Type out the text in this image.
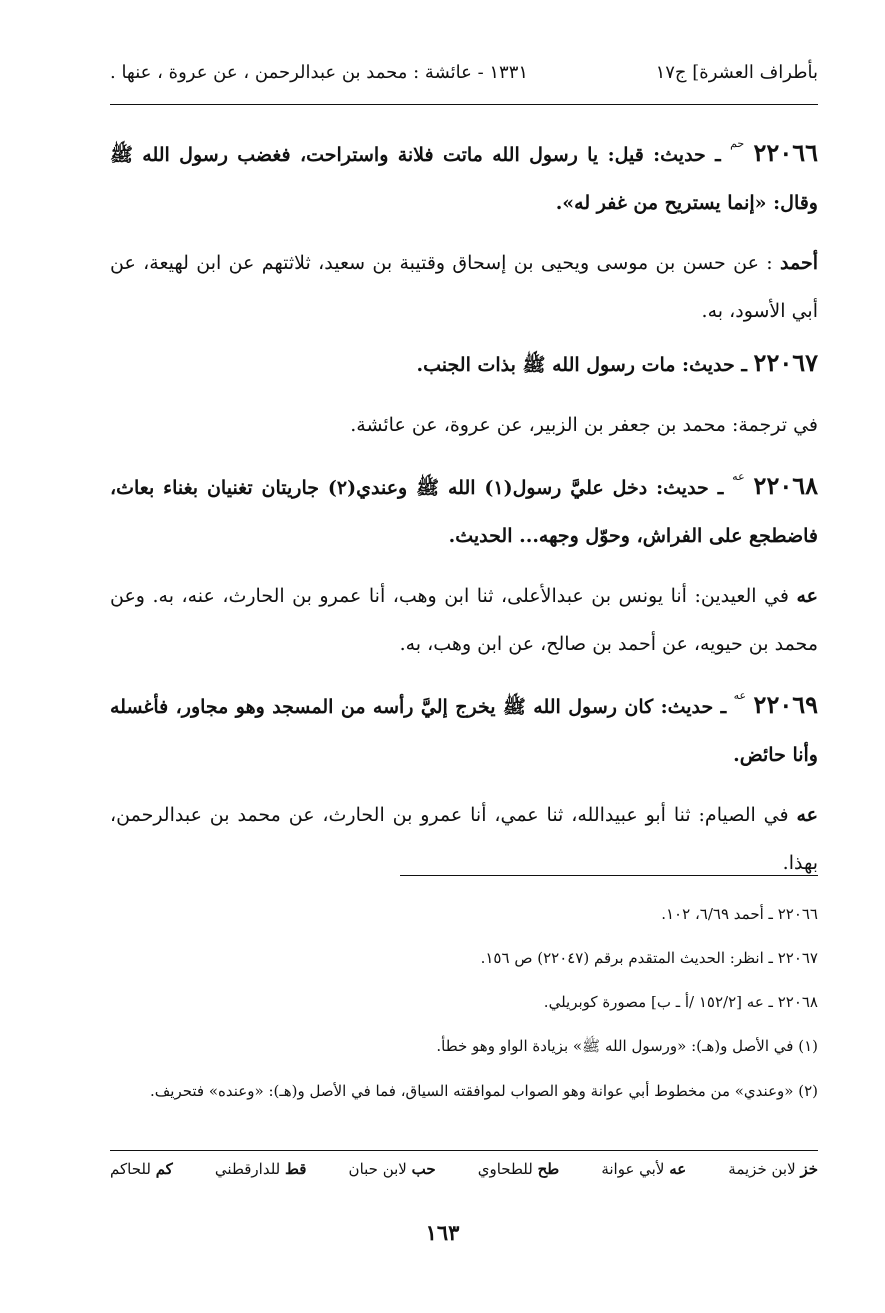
بأطراف العشرة] ج١٧
١٣٣١ - عائشة : محمد بن عبدالرحمن ، عن عروة ، عنها .

٢٢٠٦٦ $^{حم}$ ـ حديث: قيل: يا رسول الله ماتت فلانة واستراحت، فغضب رسول الله ﷺ وقال: «إنما يستريح من غفر له».

أحمد : عن حسن بن موسى ويحيى بن إسحاق وقتيبة بن سعيد، ثلاثتهم عن ابن لهيعة، عن أبي الأسود، به.

٢٢٠٦٧ ـ حديث: مات رسول الله ﷺ بذات الجنب.

في ترجمة: محمد بن جعفر بن الزبير، عن عروة، عن عائشة.

٢٢٠٦٨ $^{عه}$ ـ حديث: دخل عليَّ رسول(١) الله ﷺ وعندي(٢) جاريتان تغنيان بغناء بعاث، فاضطجع على الفراش، وحوّل وجهه... الحديث.

عه في العيدين: أنا يونس بن عبدالأعلى، ثنا ابن وهب، أنا عمرو بن الحارث، عنه، به. وعن محمد بن حيويه، عن أحمد بن صالح، عن ابن وهب، به.

٢٢٠٦٩ $^{عه}$ ـ حديث: كان رسول الله ﷺ يخرج إليَّ رأسه من المسجد وهو مجاور، فأغسله وأنا حائض.

عه في الصيام: ثنا أبو عبيدالله، ثنا عمي، أنا عمرو بن الحارث، عن محمد بن عبدالرحمن، بهذا.

٢٢٠٦٦ ـ أحمد ٦/٦٩، ١٠٢.

٢٢٠٦٧ ـ انظر: الحديث المتقدم برقم (٢٢٠٤٧) ص ١٥٦.

٢٢٠٦٨ ـ عه [١٥٢/٢ /أ ـ ب] مصورة كوبريلي.

(١) في الأصل و(هـ): «ورسول الله ﷺ» بزيادة الواو وهو خطأ.

(٢) «وعندي» من مخطوط أبي عوانة وهو الصواب لموافقته السياق، فما في الأصل و(هـ): «وعنده» فتحريف.

خز لابن خزيمة
عه لأبي عوانة
طح للطحاوي
حب لابن حبان
قط للدارقطني
كم للحاكم
١٦٣
